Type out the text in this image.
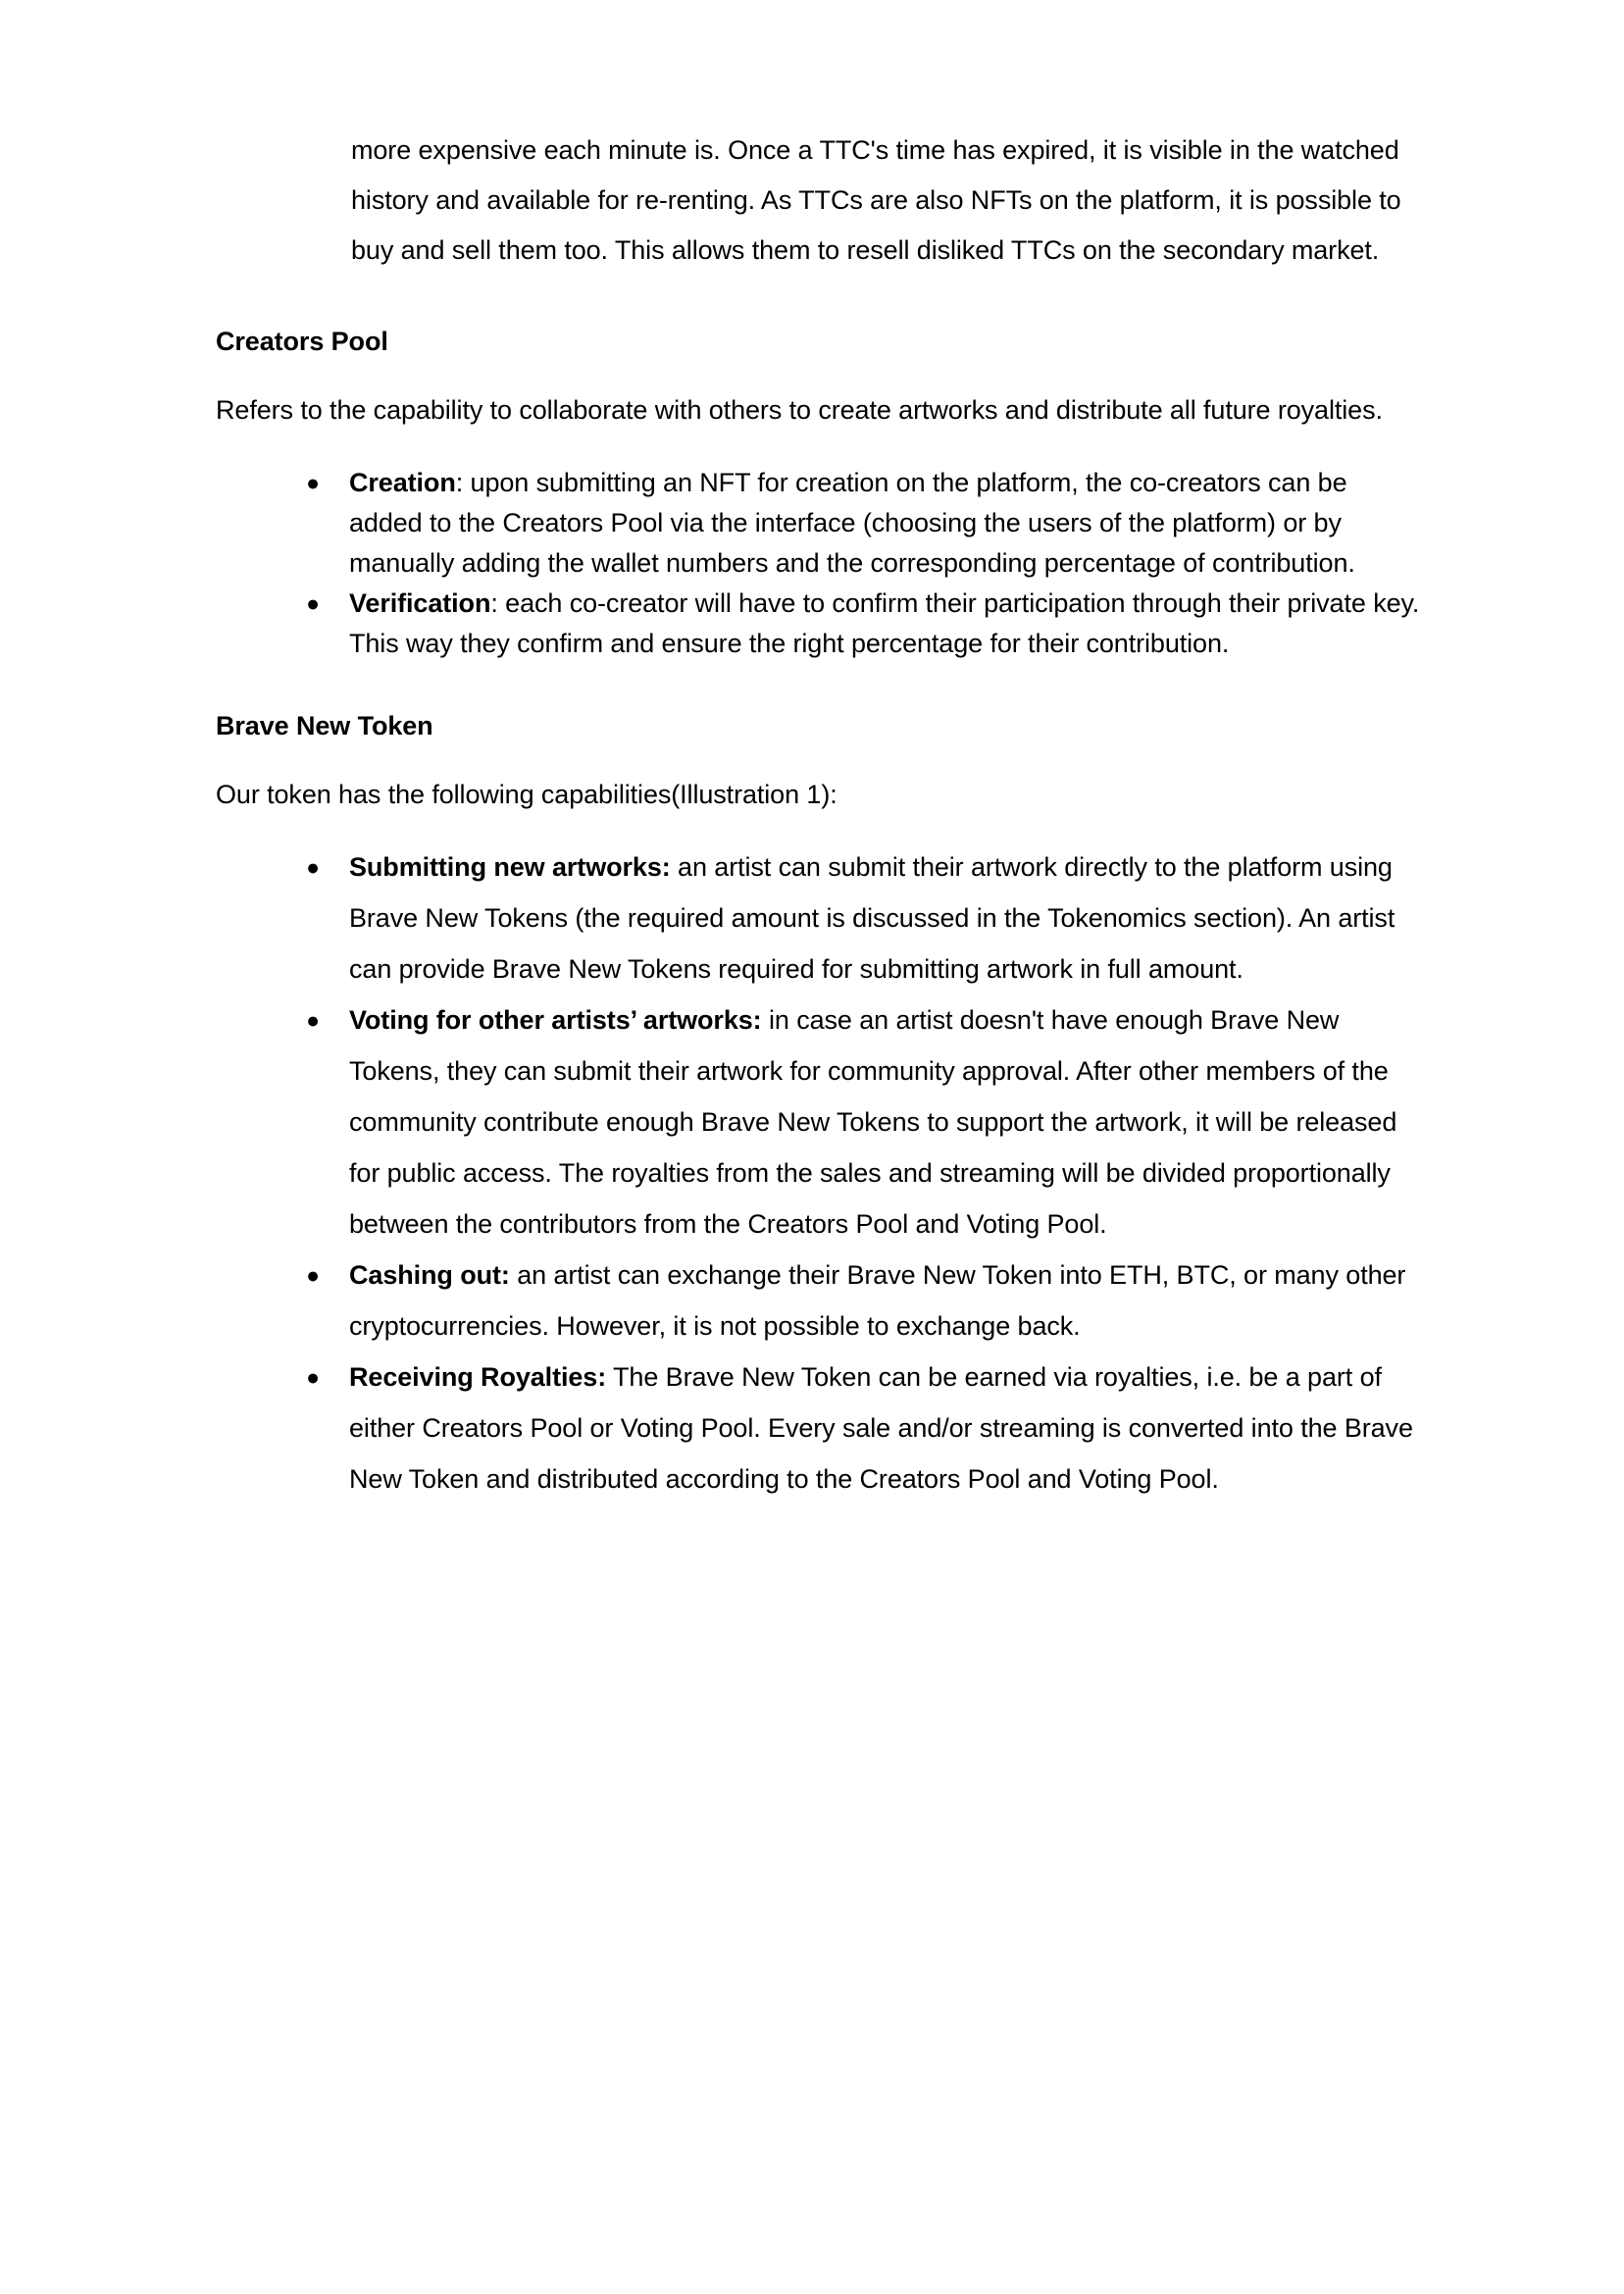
more expensive each minute is. Once a TTC's time has expired, it is visible in the watched history and available for re-renting. As TTCs are also NFTs on the platform, it is possible to buy and sell them too. This allows them to resell disliked TTCs on the secondary market.

Creators Pool

Refers to the capability to collaborate with others to create artworks and distribute all future royalties.

● Creation: upon submitting an NFT for creation on the platform, the co-creators can be added to the Creators Pool via the interface (choosing the users of the platform) or by manually adding the wallet numbers and the corresponding percentage of contribution.
● Verification: each co-creator will have to confirm their participation through their private key. This way they confirm and ensure the right percentage for their contribution.
Brave New Token

Our token has the following capabilities(Illustration 1):

● Submitting new artworks: an artist can submit their artwork directly to the platform using Brave New Tokens (the required amount is discussed in the Tokenomics section). An artist can provide Brave New Tokens required for submitting artwork in full amount.
● Voting for other artists’ artworks: in case an artist doesn't have enough Brave New Tokens, they can submit their artwork for community approval. After other members of the community contribute enough Brave New Tokens to support the artwork, it will be released for public access. The royalties from the sales and streaming will be divided proportionally between the contributors from the Creators Pool and Voting Pool.
● Cashing out: an artist can exchange their Brave New Token into ETH, BTC, or many other cryptocurrencies. However, it is not possible to exchange back.
● Receiving Royalties: The Brave New Token can be earned via royalties, i.e. be a part of either Creators Pool or Voting Pool. Every sale and/or streaming is converted into the Brave New Token and distributed according to the Creators Pool and Voting Pool.
